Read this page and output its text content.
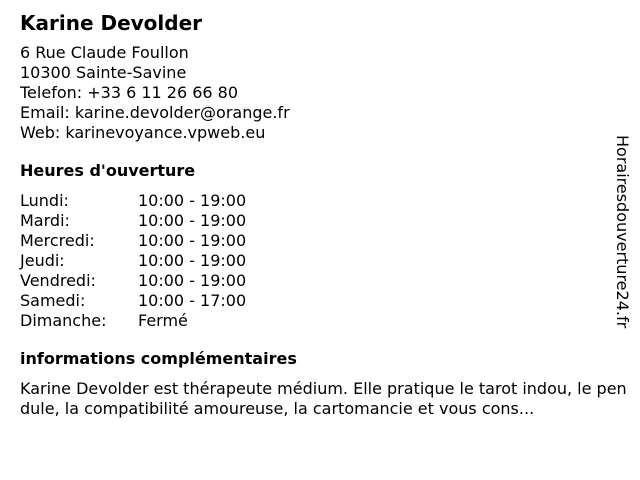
Karine Devolder
6 Rue Claude Foullon
10300 Sainte-Savine
Telefon: +33 6 11 26 66 80
Email: karine.devolder@orange.fr
Web: karinevoyance.vpweb.eu
Heures d'ouverture
Lundi:	10:00 - 19:00
Mardi:	10:00 - 19:00
Mercredi:	10:00 - 19:00
Jeudi:	10:00 - 19:00
Vendredi:	10:00 - 19:00
Samedi:	10:00 - 17:00
Dimanche:	Fermé
informations complémentaires

Karine Devolder est thérapeute médium. Elle pratique le tarot indou, le pendule, la compatibilité amoureuse, la cartomancie et vous cons...

Horairesdouverture24.fr
